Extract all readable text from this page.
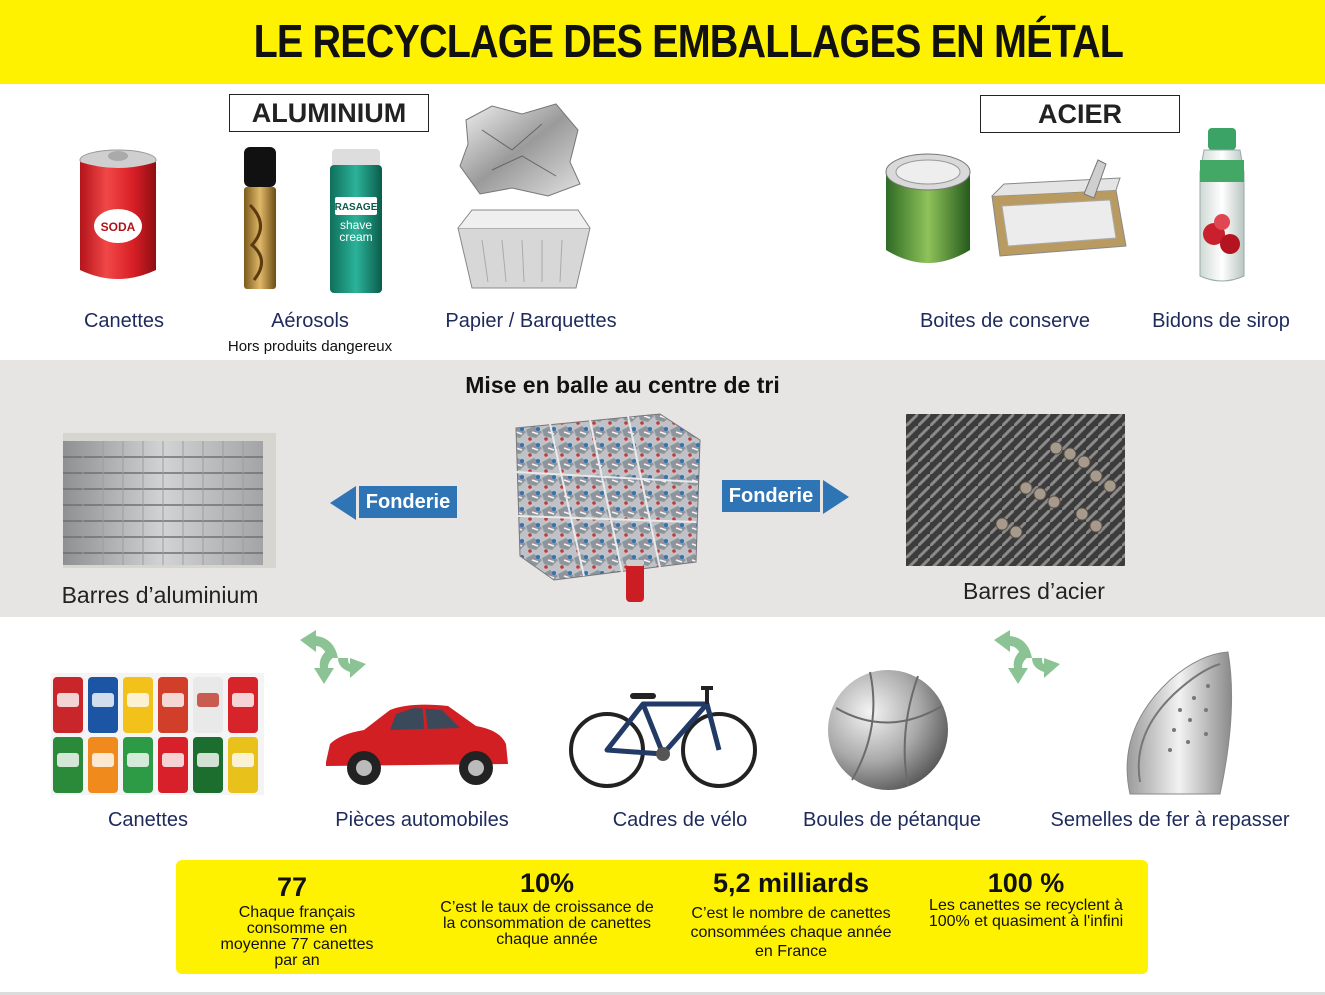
LE RECYCLAGE DES EMBALLAGES EN MÉTAL
ALUMINIUM	ACIER
SODA
Canettes
RASAGE
shave
cream
Aérosols
Hors produits dangereux
Papier / Barquettes	Boites de conserve	Bidons de sirop
Mise en balle au centre de tri
Barres d’aluminium
Fonderie	Fonderie
Barres d’acier
Canettes	Pièces automobiles	Cadres de vélo	Boules de pétanque	Semelles de fer à repasser
77
Chaque français consomme en moyenne 77 canettes par an
10%
C’est le taux de croissance de la consommation de canettes chaque année
5,2 milliards
C’est le nombre de canettes consommées chaque année en France
100 %
Les canettes se recyclent à 100% et quasiment à l'infini
